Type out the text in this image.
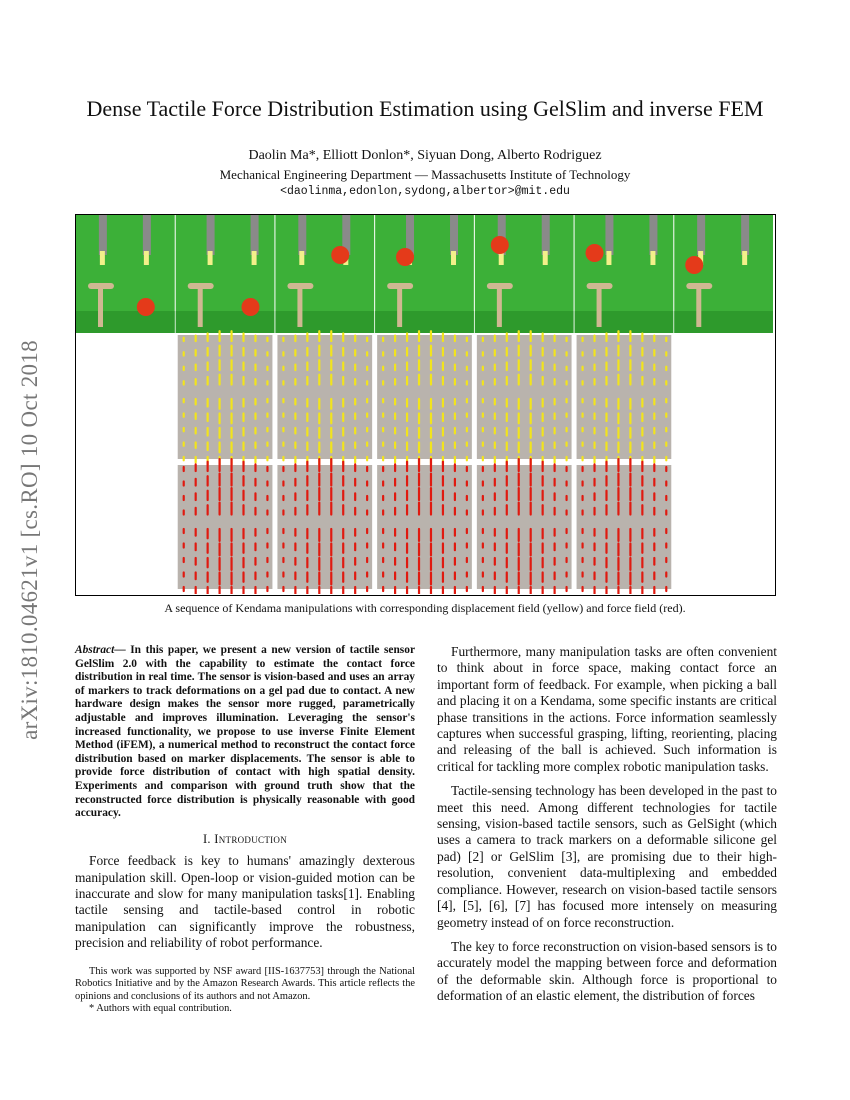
arXiv:1810.04621v1 [cs.RO] 10 Oct 2018
Dense Tactile Force Distribution Estimation using GelSlim and inverse FEM
Daolin Ma*, Elliott Donlon*, Siyuan Dong, Alberto Rodriguez
Mechanical Engineering Department — Massachusetts Institute of Technology
<daolinma,edonlon,sydong,albertor>@mit.edu
A sequence of Kendama manipulations with corresponding displacement field (yellow) and force field (red).

Abstract— In this paper, we present a new version of tactile sensor GelSlim 2.0 with the capability to estimate the contact force distribution in real time. The sensor is vision-based and uses an array of markers to track deformations on a gel pad due to contact. A new hardware design makes the sensor more rugged, parametrically adjustable and improves illumination. Leveraging the sensor's increased functionality, we propose to use inverse Finite Element Method (iFEM), a numerical method to reconstruct the contact force distribution based on marker displacements. The sensor is able to provide force distribution of contact with high spatial density. Experiments and comparison with ground truth show that the reconstructed force distribution is physically reasonable with good accuracy.

I. Introduction

Force feedback is key to humans' amazingly dexterous manipulation skill. Open-loop or vision-guided motion can be inaccurate and slow for many manipulation tasks[1]. Enabling tactile sensing and tactile-based control in robotic manipulation can significantly improve the robustness, precision and reliability of robot performance.

This work was supported by NSF award [IIS-1637753] through the National Robotics Initiative and by the Amazon Research Awards. This article reflects the opinions and conclusions of its authors and not Amazon.

* Authors with equal contribution.

Furthermore, many manipulation tasks are often convenient to think about in force space, making contact force an important form of feedback. For example, when picking a ball and placing it on a Kendama, some specific instants are critical phase transitions in the actions. Force information seamlessly captures when successful grasping, lifting, reorienting, placing and releasing of the ball is achieved. Such information is critical for tackling more complex robotic manipulation tasks.

Tactile-sensing technology has been developed in the past to meet this need. Among different technologies for tactile sensing, vision-based tactile sensors, such as GelSight (which uses a camera to track markers on a deformable silicone gel pad) [2] or GelSlim [3], are promising due to their high-resolution, convenient data-multiplexing and embedded compliance. However, research on vision-based tactile sensors [4], [5], [6], [7] has focused more intensely on measuring geometry instead of on force reconstruction.

The key to force reconstruction on vision-based sensors is to accurately model the mapping between force and deformation of the deformable skin. Although force is proportional to deformation of an elastic element, the distribution of forces
